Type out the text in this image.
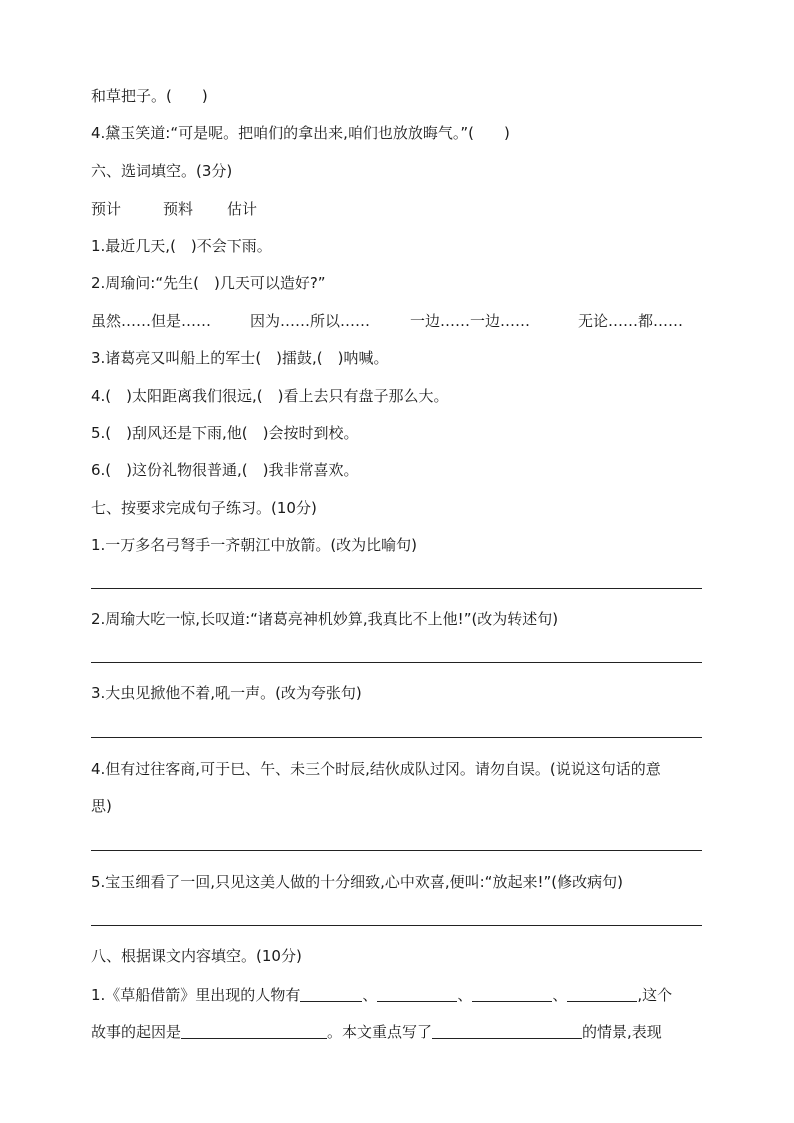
和草把子。(　　)
4.黛玉笑道:“可是呢。把咱们的拿出来,咱们也放放晦气。”(　　)
六、选词填空。(3分)
预计	预料 估计
1.最近几天,(　)不会下雨。
2.周瑜问:“先生(　)几天可以造好?”
虽然……但是……	因为……所以……	一边……一边……	无论……都……
3.诸葛亮又叫船上的军士(　)擂鼓,(　)呐喊。
4.(　)太阳距离我们很远,(　)看上去只有盘子那么大。
5.(　)刮风还是下雨,他(　)会按时到校。
6.(　)这份礼物很普通,(　)我非常喜欢。
七、按要求完成句子练习。(10分)
1.一万多名弓弩手一齐朝江中放箭。(改为比喻句)
2.周瑜大吃一惊,长叹道:“诸葛亮神机妙算,我真比不上他!”(改为转述句)
3.大虫见掀他不着,吼一声。(改为夸张句)
4.但有过往客商,可于巳、午、未三个时辰,结伙成队过冈。请勿自误。(说说这句话的意
思)
5.宝玉细看了一回,只见这美人做的十分细致,心中欢喜,便叫:“放起来!”(修改病句)
八、根据课文内容填空。(10分)
1.《草船借箭》里出现的人物有	、	、	、	,这个
故事的起因是	。本文重点写了	的情景,表现
